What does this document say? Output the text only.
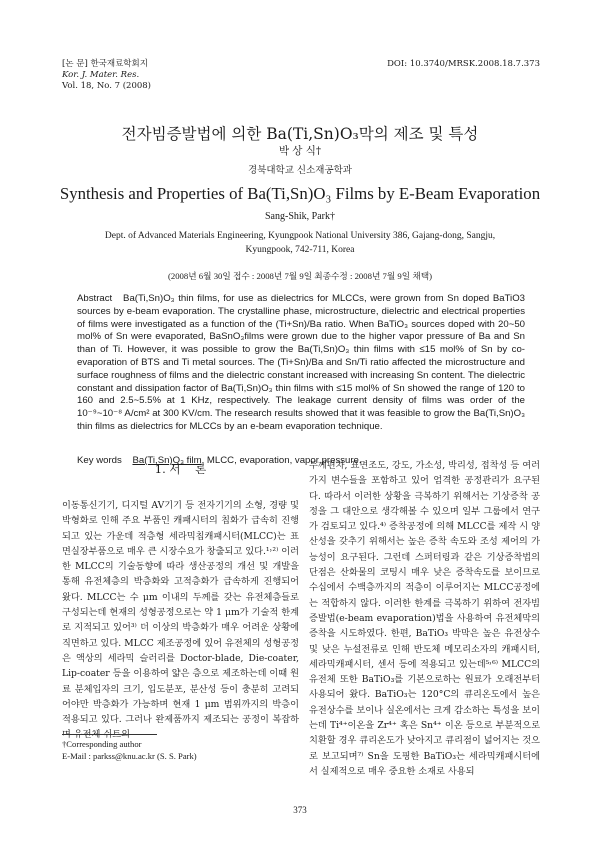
[논 문] 한국재료학회지
Kor. J. Mater. Res.
Vol. 18, No. 7 (2008)
DOI: 10.3740/MRSK.2008.18.7.373
전자빔증발법에 의한 Ba(Ti,Sn)O₃막의 제조 및 특성
박 상 식†
경북대학교 신소재공학과
Synthesis and Properties of Ba(Ti,Sn)O₃ Films by E-Beam Evaporation
Sang-Shik, Park†
Dept. of Advanced Materials Engineering, Kyungpook National University 386, Gajang-dong, Sangju, Kyungpook, 742-711, Korea
(2008년 6월 30일 접수 : 2008년 7월 9일 최종수정 : 2008년 7월 9일 채택)
Abstract Ba(Ti,Sn)O₃ thin films, for use as dielectrics for MLCCs, were grown from Sn doped BaTiO3 sources by e-beam evaporation. The crystalline phase, microstructure, dielectric and electrical properties of films were investigated as a function of the (Ti+Sn)/Ba ratio. When BaTiO₃ sources doped with 20~50 mol% of Sn were evaporated, BaSnO₃films were grown due to the higher vapor pressure of Ba and Sn than of Ti. However, it was possible to grow the Ba(Ti,Sn)O₃ thin films with ≤15 mol% of Sn by co-evaporation of BTS and Ti metal sources. The (Ti+Sn)/Ba and Sn/Ti ratio affected the microstructure and surface roughness of films and the dielectric constant increased with increasing Sn content. The dielectric constant and dissipation factor of Ba(Ti,Sn)O₃ thin films with ≤15 mol% of Sn showed the range of 120 to 160 and 2.5~5.5% at 1 KHz, respectively. The leakage current density of films was order of the 10⁻⁹~10⁻⁸ A/cm² at 300 KV/cm. The research results showed that it was feasible to grow the Ba(Ti,Sn)O₃ thin films as dielectrics for MLCCs by an e-beam evaporation technique.
Key words Ba(Ti,Sn)O₃ film, MLCC, evaporation, vapor pressure.
1. 서    론
이동통신기기, 디지털 AV기기 등 전자기기의 소형, 경량 및 박형화로 인해 주요 부품인 캐패시터의 칩화가 급속히 진행되고 있는 가운데 적층형 세라믹칩캐패시터(MLCC)는 표면실장부품으로 매우 큰 시장수요가 창출되고 있다.¹˒²⁾ 이러한 MLCC의 기술동향에 따라 생산공정의 개선 및 개발을 통해 유전체층의 박층화와 고적층화가 급속하게 진행되어 왔다. MLCC는 수 μm 이내의 두께를 갖는 유전체층들로 구성되는데 현재의 성형공정으로는 약 1 μm가 기술적 한계로 지적되고 있어³⁾ 더 이상의 박층화가 매우 어려운 상황에 직면하고 있다. MLCC 제조공정에 있어 유전체의 성형공정은 액상의 세라믹 슬러리를 Doctor-blade, Die-coater, Lip-coater 등을 이용하여 얇은 층으로 제조하는데 이때 원료 분체입자의 크기, 입도분포, 분산성 등이 충분히 고려되어야만 박층화가 가능하며 현재 1 μm 범위까지의 박층이 적용되고 있다. 그러나 완제품까지 제조되는 공정이 복잡하며 유전체 쉬트의
두께편차, 표면조도, 강도, 가소성, 박리성, 접착성 등 여러 가지 변수들을 포함하고 있어 엄격한 공정관리가 요구된다. 따라서 이러한 상황을 극복하기 위해서는 기상증착 공정을 그 대안으로 생각해볼 수 있으며 일부 그룹에서 연구가 검토되고 있다.⁴⁾ 증착공정에 의해 MLCC를 제작 시 양산성을 갖추기 위해서는 높은 증착 속도와 조성 제어의 가능성이 요구된다. 그런데 스퍼터링과 같은 기상증착법의 단점은 산화물의 코팅시 매우 낮은 증착속도를 보이므로 수십에서 수백층까지의 적층이 이루어지는 MLCC공정에는 적합하지 않다. 이러한 한계를 극복하기 위하여 전자빔증발법(e-beam evaporation)법을 사용하여 유전체막의 증착을 시도하였다. 한편, BaTiO₃ 박막은 높은 유전상수 및 낮은 누설전류로 인해 반도체 메모리소자의 캐패시터, 세라믹캐패시터, 센서 등에 적용되고 있는데⁵˒⁶⁾ MLCC의 유전체 또한 BaTiO₃를 기본으로하는 원료가 오래전부터 사용되어 왔다. BaTiO₃는 120°C의 큐리온도에서 높은 유전상수를 보이나 실온에서는 크게 감소하는 특성을 보이는데 Ti⁴⁺이온을 Zr⁴⁺ 혹은 Sn⁴⁺ 이온 등으로 부분적으로 치환할 경우 큐리온도가 낮아지고 큐리점이 넓어지는 것으로 보고되며⁷⁾ Sn을 도핑한 BaTiO₃는 세라믹캐패시터에서 실제적으로 매우 중요한 소재로 사용되
†Corresponding author
E-Mail : parkss@knu.ac.kr (S. S. Park)
373
